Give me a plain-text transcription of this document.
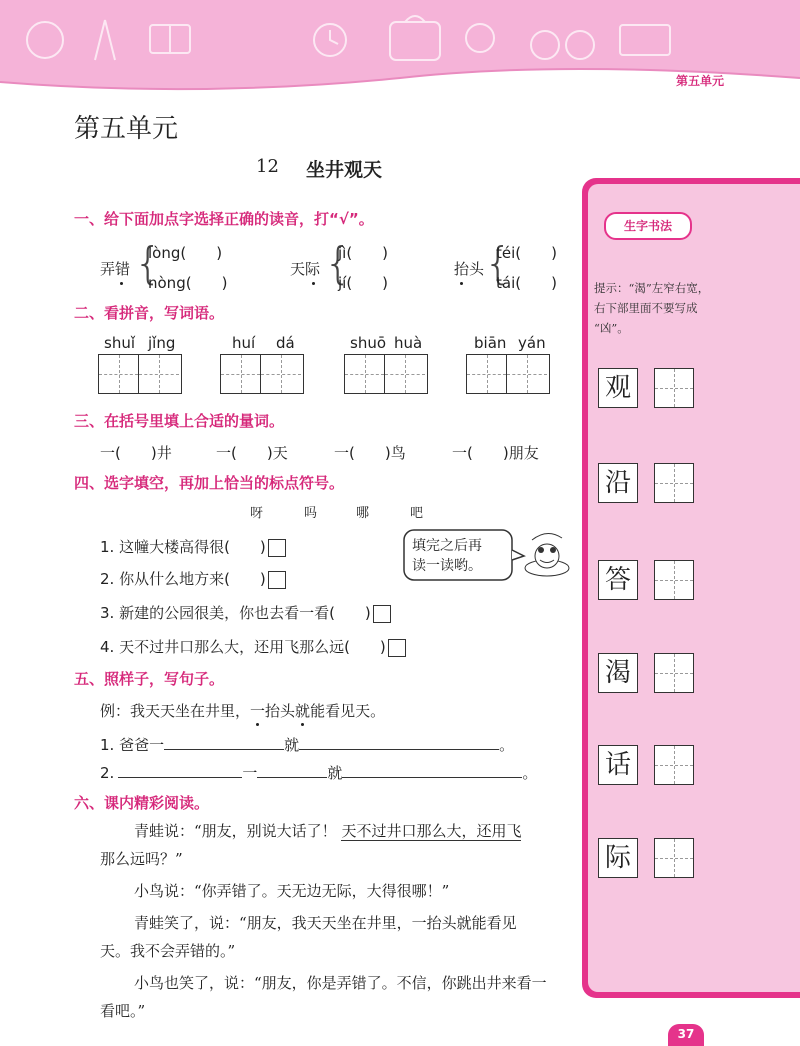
第五单元
第五单元
12 坐井观天
一、给下面加点字选择正确的读音，打“√”。
弄错 {
lòng(　　)
nòng(　　)
天际 {
jì(　　)
jí(　　)
抬头 {
téi(　　)
tái(　　)
二、看拼音，写词语。
shuǐ jǐng	huí dá	shuō huà	biān yán
三、在括号里填上合适的量词。
一(　　)井	一(　　)天	一(　　)鸟	一(　　)朋友
四、选字填空，再加上恰当的标点符号。
呀	吗	哪	吧
1. 这幢大楼高得很(　　)
2. 你从什么地方来(　　)
3. 新建的公园很美，你也去看一看(　　)
4. 天不过井口那么大，还用飞那么远(　　)
填完之后再
读一读哟。
五、照样子，写句子。
例：我天天坐在井里，一抬头就能看见天。
1. 爸爸一	就	。
2.	一	就	。
六、课内精彩阅读。
青蛙说：“朋友，别说大话了！ 天不过井口那么大，还用飞
那么远吗？”
小鸟说：“你弄错了。天无边无际，大得很哪！”
青蛙笑了，说：“朋友，我天天坐在井里，一抬头就能看见
天。我不会弄错的。”
小鸟也笑了，说：“朋友，你是弄错了。不信，你跳出井来看一
看吧。”
生字书法
提示：“渴”左窄右宽，
右下部里面不要写成
“凶”。
观
沿
答
渴
话
际
37
